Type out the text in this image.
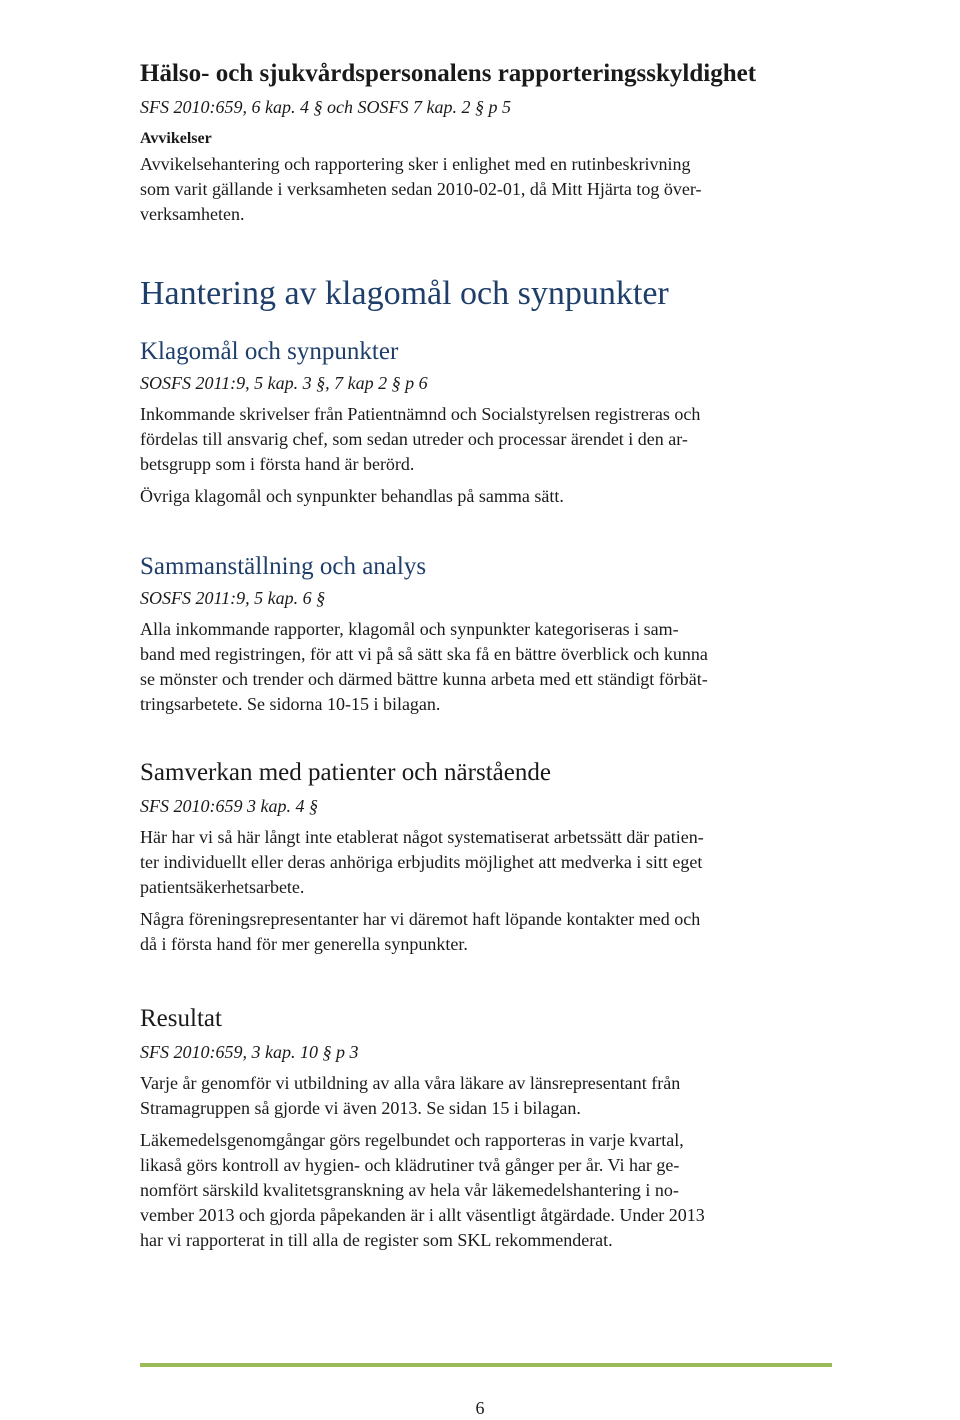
Hälso- och sjukvårdspersonalens rapporteringsskyldighet

SFS 2010:659, 6 kap. 4 § och SOSFS 7 kap. 2 § p 5

Avvikelser

Avvikelsehantering och rapportering sker i enlighet med en rutinbeskrivning
som varit gällande i verksamheten sedan 2010-02-01, då Mitt Hjärta tog över-
verksamheten.
Hantering av klagomål och synpunkter
Klagomål och synpunkter

SOSFS 2011:9, 5 kap. 3 §, 7 kap 2 § p 6

Inkommande skrivelser från Patientnämnd och Socialstyrelsen registreras och
fördelas till ansvarig chef, som sedan utreder och processar ärendet i den ar-
betsgrupp som i första hand är berörd.
Övriga klagomål och synpunkter behandlas på samma sätt.
Sammanställning och analys

SOSFS 2011:9, 5 kap. 6 §

Alla inkommande rapporter, klagomål och synpunkter kategoriseras i sam-
band med registringen, för att vi på så sätt ska få en bättre överblick och kunna
se mönster och trender och därmed bättre kunna arbeta med ett ständigt förbät-
tringsarbetete. Se sidorna 10-15 i bilagan.
Samverkan med patienter och närstående

SFS 2010:659 3 kap. 4 §

Här har vi så här långt inte etablerat något systematiserat arbetssätt där patien-
ter individuellt eller deras anhöriga erbjudits möjlighet att medverka i sitt eget
patientsäkerhetsarbete.
Några föreningsrepresentanter har vi däremot haft löpande kontakter med och
då i första hand för mer generella synpunkter.
Resultat

SFS 2010:659, 3 kap. 10 § p 3

Varje år genomför vi utbildning av alla våra läkare av länsrepresentant från
Stramagruppen så gjorde vi även 2013. Se sidan 15 i bilagan.
Läkemedelsgenomgångar görs regelbundet och rapporteras in varje kvartal,
likaså görs kontroll av hygien- och klädrutiner två gånger per år. Vi har ge-
nomfört särskild kvalitetsgranskning av hela vår läkemedelshantering i no-
vember 2013 och gjorda påpekanden är i allt väsentligt åtgärdade. Under 2013
har vi rapporterat in till alla de register som SKL rekommenderat.
6
